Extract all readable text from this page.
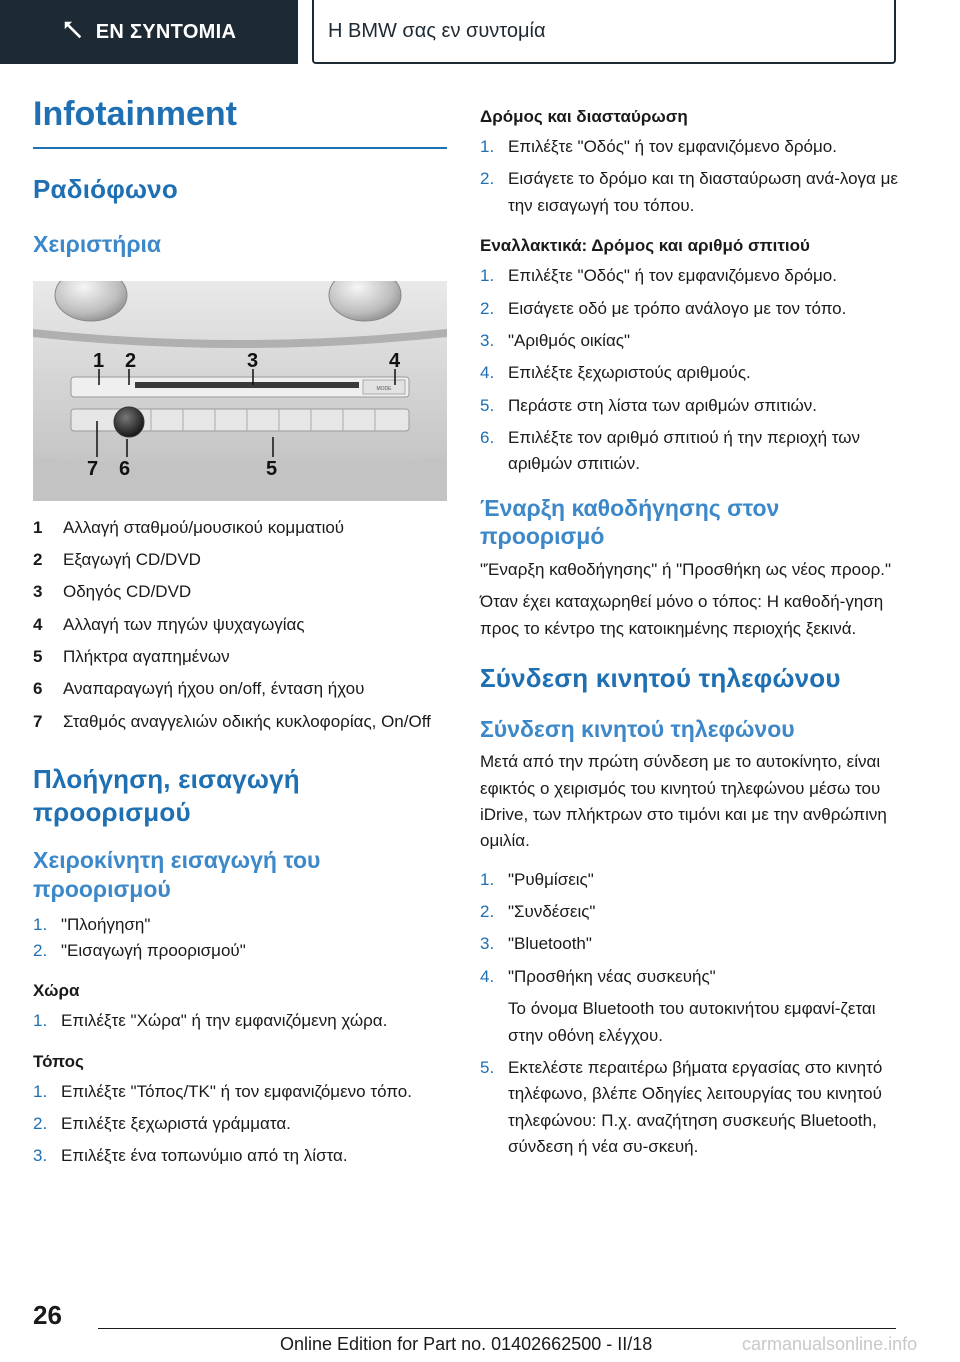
ΕΝ ΣΥΝΤΟΜΙΑ	Η BMW σας εν συντομία
Infotainment
Ραδιόφωνο
Χειριστήρια
MODE
1 2	3	4
7 6	5
1	Αλλαγή σταθμού/μουσικού κομματιού
2	Εξαγωγή CD/DVD
3	Οδηγός CD/DVD
4	Αλλαγή των πηγών ψυχαγωγίας
5	Πλήκτρα αγαπημένων
6	Αναπαραγωγή ήχου on/off, ένταση ήχου
7	Σταθμός αναγγελιών οδικής κυκλοφορίας, On/Off
Πλοήγηση, εισαγωγή προορισμού
Χειροκίνητη εισαγωγή του προορισμού
1. "Πλοήγηση"
2. "Εισαγωγή προορισμού"
Χώρα
1. Επιλέξτε "Χώρα" ή την εμφανιζόμενη χώρα.
Τόπος
1. Επιλέξτε "Τόπος/ΤΚ" ή τον εμφανιζόμενο τόπο.
2. Επιλέξτε ξεχωριστά γράμματα.
3. Επιλέξτε ένα τοπωνύμιο από τη λίστα.
Δρόμος και διασταύρωση
1. Επιλέξτε "Οδός" ή τον εμφανιζόμενο δρόμο.
2. Εισάγετε το δρόμο και τη διασταύρωση ανά-λογα με την εισαγωγή του τόπου.
Εναλλακτικά: Δρόμος και αριθμό σπιτιού
1. Επιλέξτε "Οδός" ή τον εμφανιζόμενο δρόμο.
2. Εισάγετε οδό με τρόπο ανάλογο με τον τόπο.
3. "Αριθμός οικίας"
4. Επιλέξτε ξεχωριστούς αριθμούς.
5. Περάστε στη λίστα των αριθμών σπιτιών.
6. Επιλέξτε τον αριθμό σπιτιού ή την περιοχή των αριθμών σπιτιών.
Έναρξη καθοδήγησης στον προορισμό

"Έναρξη καθοδήγησης" ή "Προσθήκη ως νέος προορ."

Όταν έχει καταχωρηθεί μόνο ο τόπος: Η καθοδή-γηση προς το κέντρο της κατοικημένης περιοχής ξεκινά.

Σύνδεση κινητού τηλεφώνου
Σύνδεση κινητού τηλεφώνου

Μετά από την πρώτη σύνδεση με το αυτοκίνητο, είναι εφικτός ο χειρισμός του κινητού τηλεφώνου μέσω του iDrive, των πλήκτρων στο τιμόνι και με την ανθρώπινη ομιλία.

1. "Ρυθμίσεις"
2. "Συνδέσεις"
3. "Bluetooth"
4. "Προσθήκη νέας συσκευής"
Το όνομα Bluetooth του αυτοκινήτου εμφανί-ζεται στην οθόνη ελέγχου.
5. Εκτελέστε περαιτέρω βήματα εργασίας στο κινητό τηλέφωνο, βλέπε Οδηγίες λειτουργίας του κινητού τηλεφώνου: Π.χ. αναζήτηση συσκευής Bluetooth, σύνδεση ή νέα συ-σκευή.
26
Online Edition for Part no. 01402662500 - II/18	carmanualsonline.info
